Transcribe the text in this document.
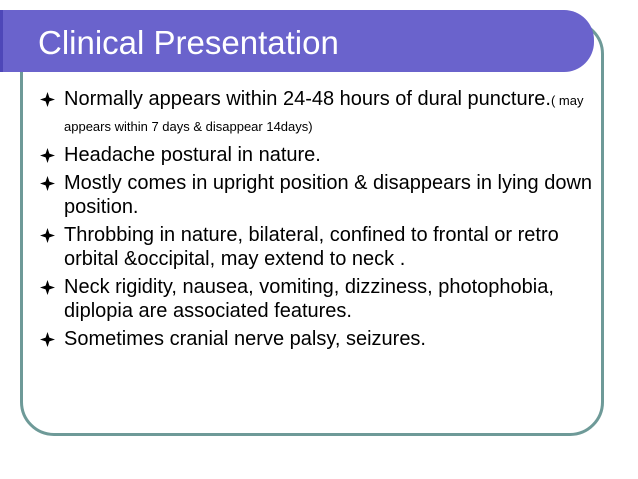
Clinical Presentation
Normally appears within 24-48 hours of dural puncture.( may appears within 7 days & disappear 14days)
Headache postural in nature.
Mostly comes in upright position & disappears in lying down position.
Throbbing in nature, bilateral, confined to frontal or retro orbital &occipital, may extend to neck .
Neck rigidity, nausea, vomiting, dizziness, photophobia, diplopia are associated features.
Sometimes cranial nerve palsy, seizures.
